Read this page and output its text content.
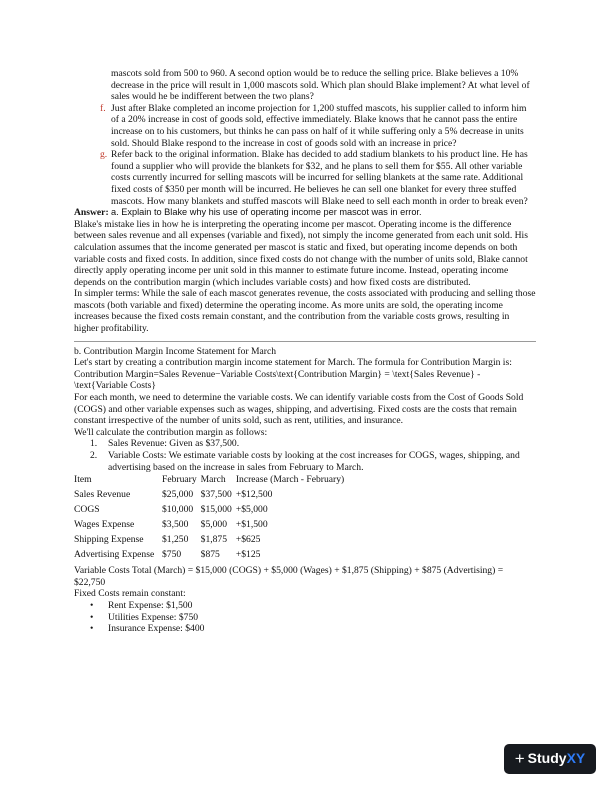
mascots sold from 500 to 960. A second option would be to reduce the selling price. Blake believes a 10% decrease in the price will result in 1,000 mascots sold. Which plan should Blake implement? At what level of sales would he be indifferent between the two plans?
f. Just after Blake completed an income projection for 1,200 stuffed mascots, his supplier called to inform him of a 20% increase in cost of goods sold, effective immediately. Blake knows that he cannot pass the entire increase on to his customers, but thinks he can pass on half of it while suffering only a 5% decrease in units sold. Should Blake respond to the increase in cost of goods sold with an increase in price?
g. Refer back to the original information. Blake has decided to add stadium blankets to his product line. He has found a supplier who will provide the blankets for $32, and he plans to sell them for $55. All other variable costs currently incurred for selling mascots will be incurred for selling blankets at the same rate. Additional fixed costs of $350 per month will be incurred. He believes he can sell one blanket for every three stuffed mascots. How many blankets and stuffed mascots will Blake need to sell each month in order to break even?
Answer: a. Explain to Blake why his use of operating income per mascot was in error.

Blake's mistake lies in how he is interpreting the operating income per mascot. Operating income is the difference between sales revenue and all expenses (variable and fixed), not simply the income generated from each unit sold. His calculation assumes that the income generated per mascot is static and fixed, but operating income depends on both variable costs and fixed costs. In addition, since fixed costs do not change with the number of units sold, Blake cannot directly apply operating income per unit sold in this manner to estimate future income. Instead, operating income depends on the contribution margin (which includes variable costs) and how fixed costs are distributed.

In simpler terms: While the sale of each mascot generates revenue, the costs associated with producing and selling those mascots (both variable and fixed) determine the operating income. As more units are sold, the operating income increases because the fixed costs remain constant, and the contribution from the variable costs grows, resulting in higher profitability.

b. Contribution Margin Income Statement for March

Let's start by creating a contribution margin income statement for March. The formula for Contribution Margin is:

Contribution Margin=Sales Revenue−Variable Costs\text{Contribution Margin} = \text{Sales Revenue} - \text{Variable Costs}

For each month, we need to determine the variable costs. We can identify variable costs from the Cost of Goods Sold (COGS) and other variable expenses such as wages, shipping, and advertising. Fixed costs are the costs that remain constant irrespective of the number of units sold, such as rent, utilities, and insurance.

We'll calculate the contribution margin as follows:

1.	Sales Revenue: Given as $37,500.
2.	Variable Costs: We estimate variable costs by looking at the cost increases for COGS, wages, shipping, and advertising based on the increase in sales from February to March.
Item	February	March	Increase (March - February)
Sales Revenue	$25,000	$37,500	+$12,500
COGS	$10,000	$15,000	+$5,000
Wages Expense	$3,500	$5,000	+$1,500
Shipping Expense	$1,250	$1,875	+$625
Advertising Expense	$750	$875	+$125

Variable Costs Total (March) = $15,000 (COGS) + $5,000 (Wages) + $1,875 (Shipping) + $875 (Advertising) = $22,750

Fixed Costs remain constant:

•	Rent Expense: $1,500
•	Utilities Expense: $750
•	Insurance Expense: $400
+ Study XY
